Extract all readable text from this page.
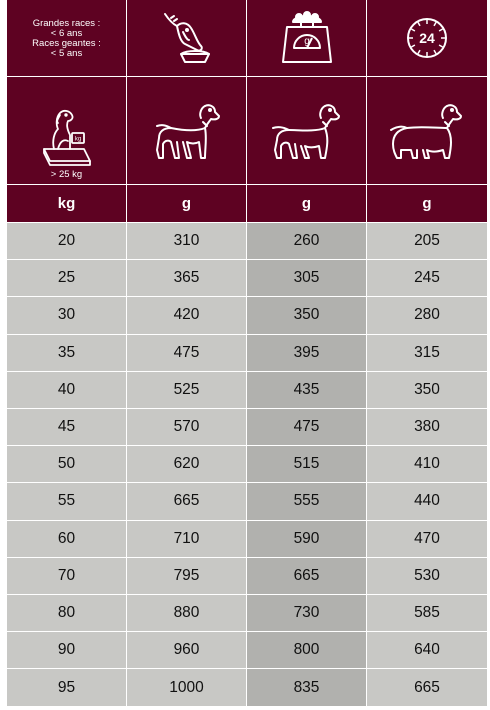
Grandes races :
< 6 ans
Races geantes :
< 5 ans
g	24
kg
> 25 kg
kg	g	g	g
20	310	260	205
25	365	305	245
30	420	350	280
35	475	395	315
40	525	435	350
45	570	475	380
50	620	515	410
55	665	555	440
60	710	590	470
70	795	665	530
80	880	730	585
90	960	800	640
95	1000	835	665
